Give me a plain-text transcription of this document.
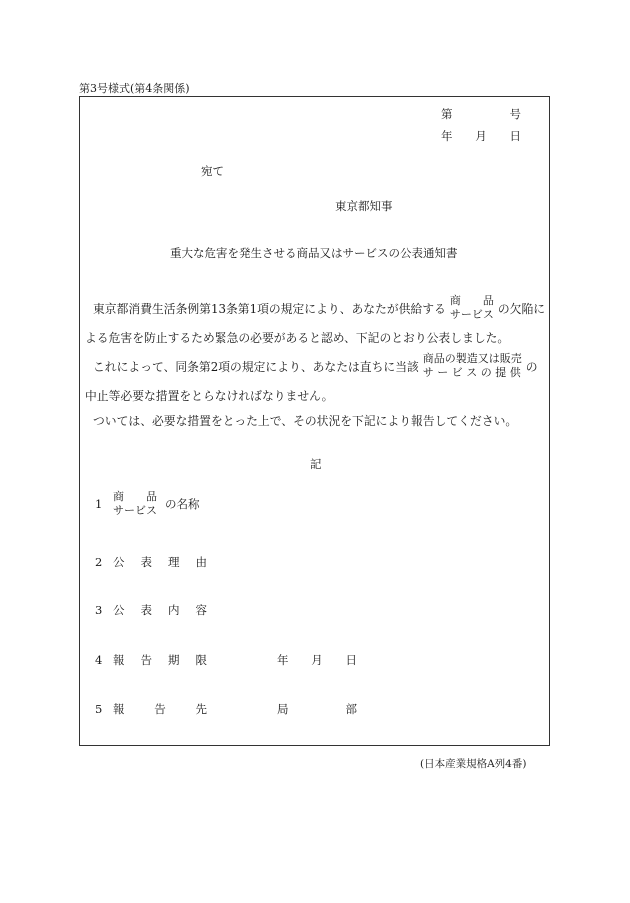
第3号様式(第4条関係)
第	号
年 月 日
宛て
東京都知事
重大な危害を発生させる商品又はサービスの公表通知書
東京都消費生活条例第13条第1項の規定により、あなたが供給する
商　　品
サービス の欠陥に
よる危害を防止するため緊急の必要があると認め、下記のとおり公表しました。
これによって、同条第2項の規定により、あなたは直ちに当該
商品の製造又は販売
サ ー ビ ス の 提 供 の
中止等必要な措置をとらなければなりません。
ついては、必要な措置をとった上で、その状況を下記により報告してください。
記
1
商　　品
サービス の名称
2 公 表 理 由
3 公 表 内 容
4 報 告 期 限	年 月 日
5 報	告	先	局	部
(日本産業規格A列4番)
